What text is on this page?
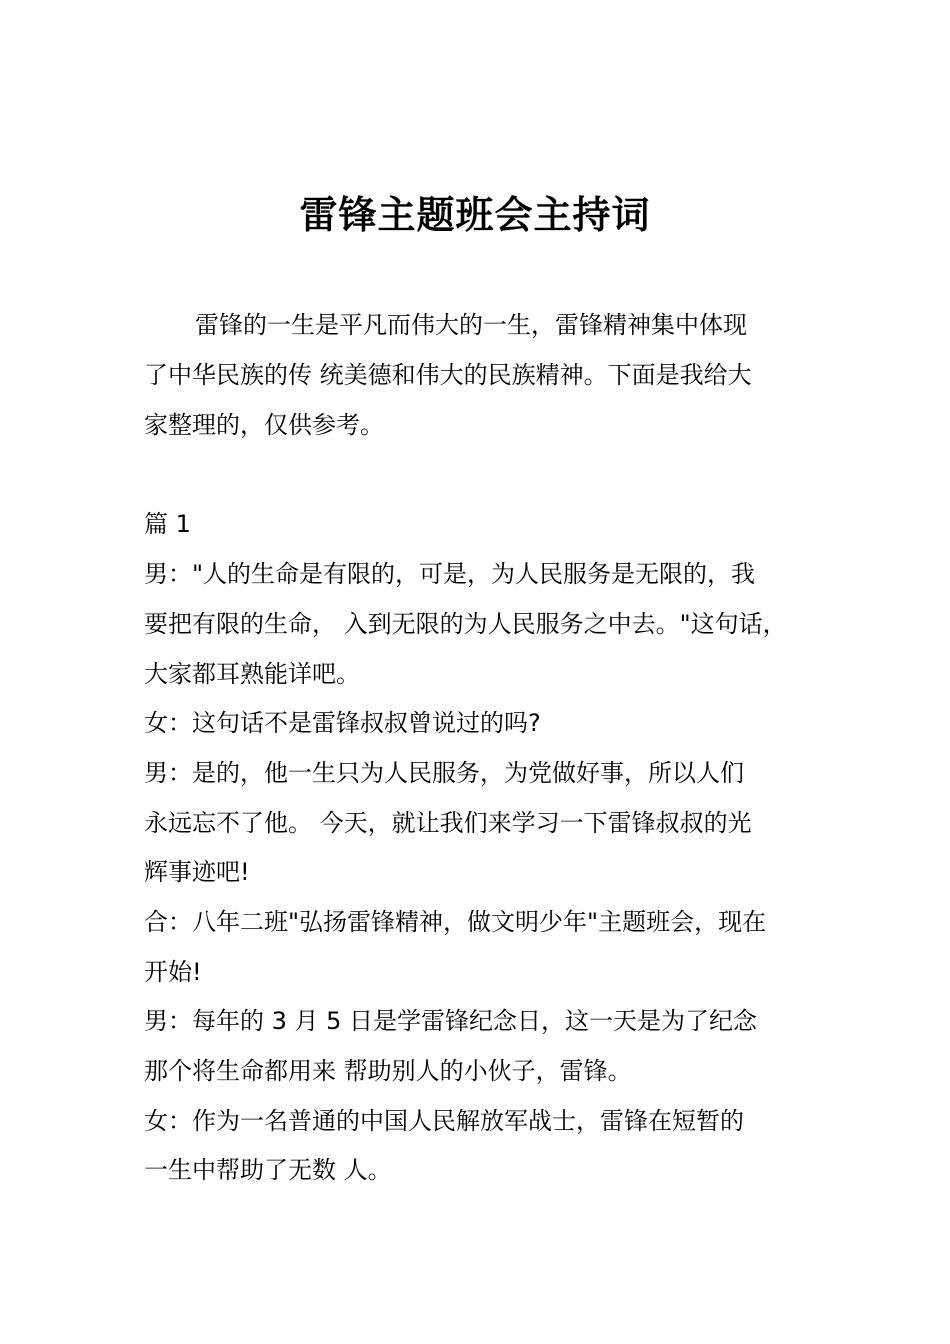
雷锋主题班会主持词
雷锋的一生是平凡而伟大的一生，雷锋精神集中体现
了中华民族的传 统美德和伟大的民族精神。下面是我给大
家整理的，仅供参考。
篇 1
男："人的生命是有限的，可是，为人民服务是无限的，我
要把有限的生命， 入到无限的为人民服务之中去。"这句话，
大家都耳熟能详吧。
女：这句话不是雷锋叔叔曾说过的吗?
男：是的，他一生只为人民服务，为党做好事，所以人们
永远忘不了他。 今天，就让我们来学习一下雷锋叔叔的光
辉事迹吧!
合：八年二班"弘扬雷锋精神，做文明少年"主题班会，现在
开始!
男：每年的 3 月 5 日是学雷锋纪念日，这一天是为了纪念
那个将生命都用来 帮助别人的小伙子，雷锋。
女：作为一名普通的中国人民解放军战士，雷锋在短暂的
一生中帮助了无数 人。
